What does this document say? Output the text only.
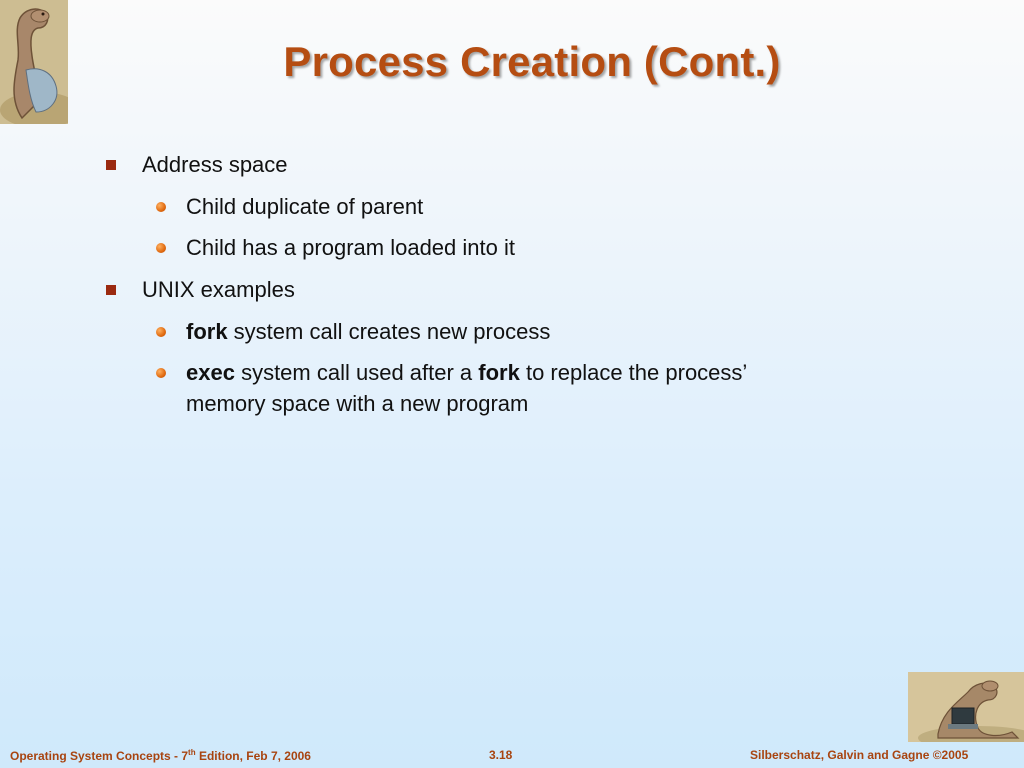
Process Creation (Cont.)
Address space
Child duplicate of parent
Child has a program loaded into it
UNIX examples
fork system call creates new process
exec system call used after a fork to replace the process’
memory space with a new program
Operating System Concepts - 7th Edition, Feb 7, 2006	3.18	Silberschatz, Galvin and Gagne ©2005
